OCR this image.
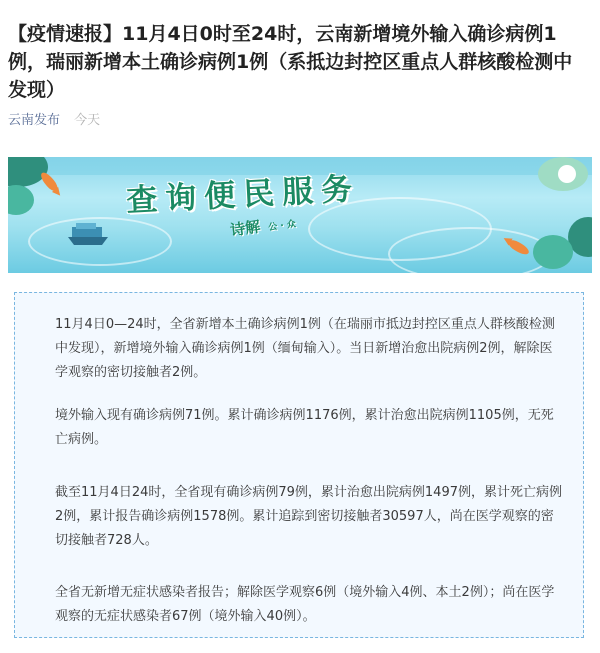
【疫情速报】11月4日0时至24时，云南新增境外输入确诊病例1例，瑞丽新增本土确诊病例1例（系抵边封控区重点人群核酸检测中发现）
云南发布 今天
查询便民服务
诗解 公 · 众

11月4日0—24时，全省新增本土确诊病例1例（在瑞丽市抵边封控区重点人群核酸检测中发现），新增境外输入确诊病例1例（缅甸输入）。当日新增治愈出院病例2例，解除医学观察的密切接触者2例。

境外输入现有确诊病例71例。累计确诊病例1176例，累计治愈出院病例1105例，无死亡病例。

截至11月4日24时，全省现有确诊病例79例，累计治愈出院病例1497例，累计死亡病例2例，累计报告确诊病例1578例。累计追踪到密切接触者30597人，尚在医学观察的密切接触者728人。

全省无新增无症状感染者报告；解除医学观察6例（境外输入4例、本土2例）；尚在医学观察的无症状感染者67例（境外输入40例）。
